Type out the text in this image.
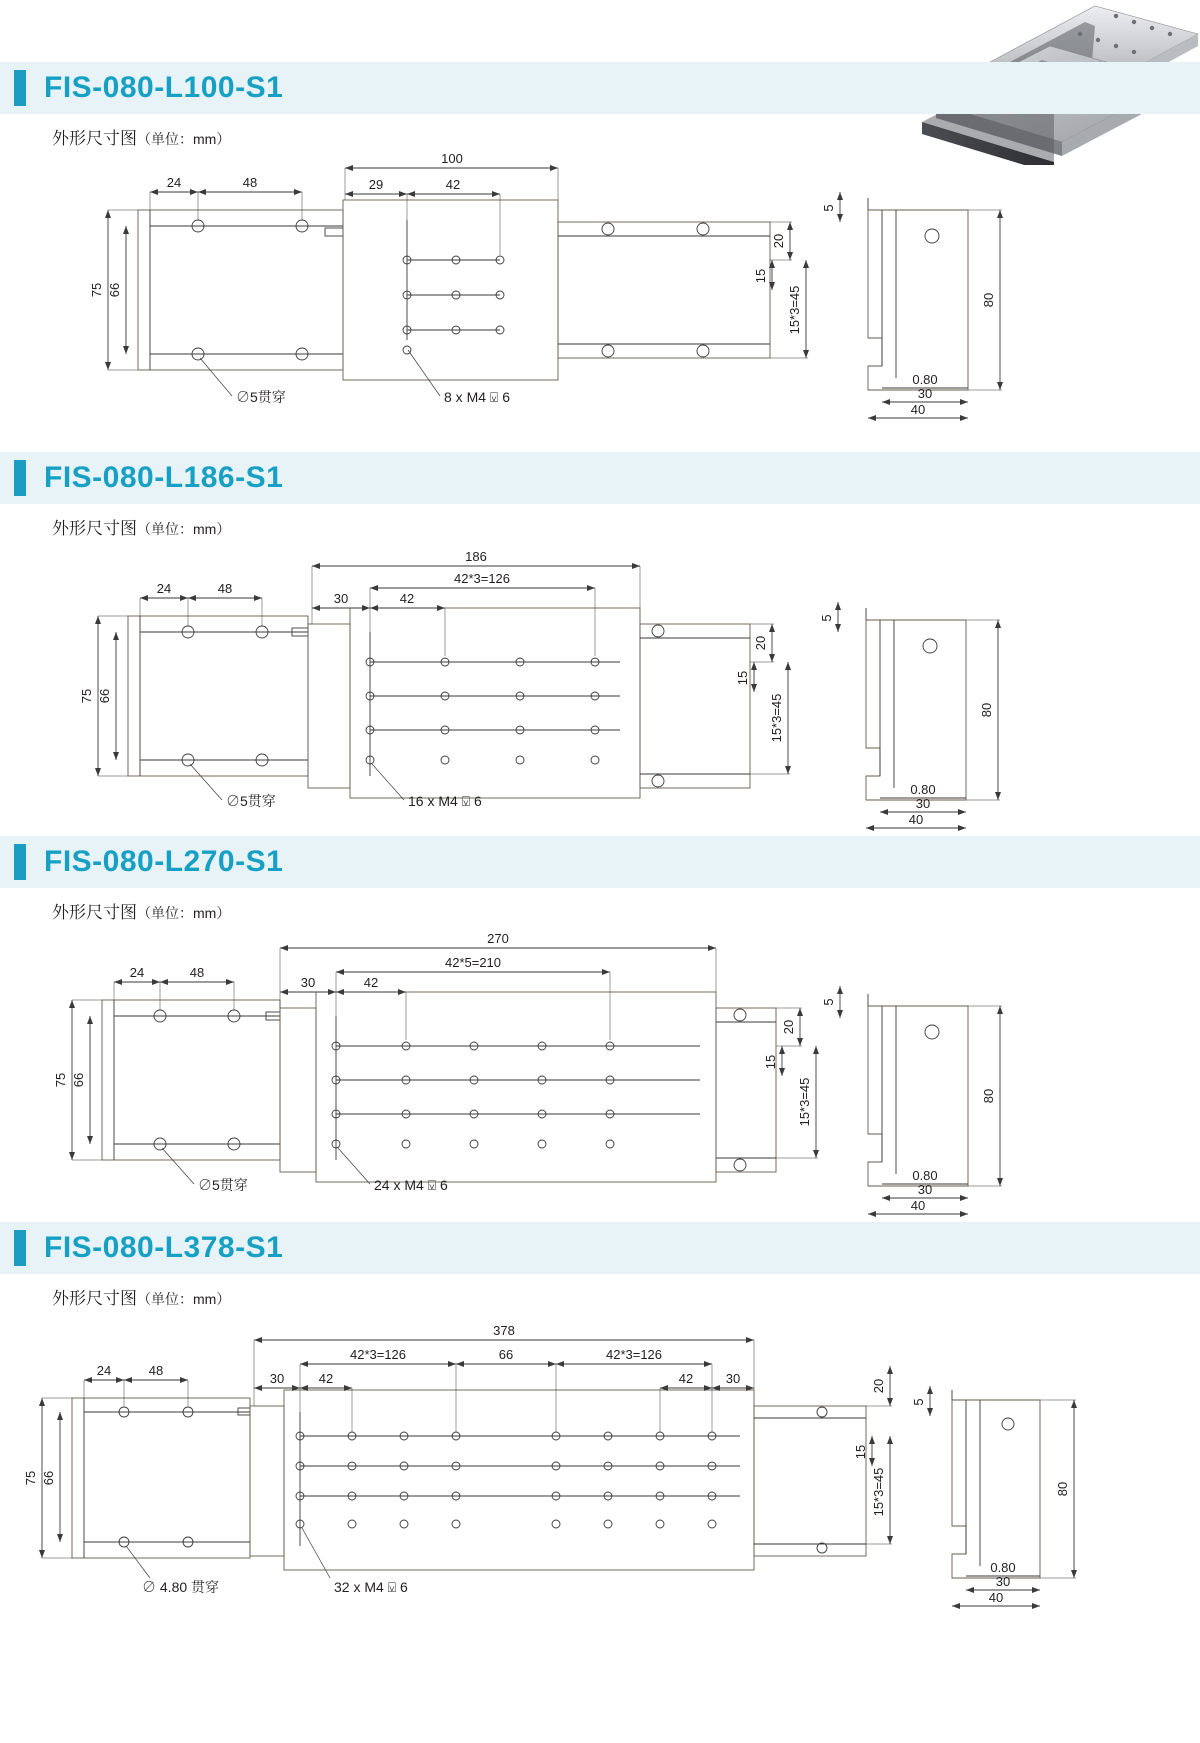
FIS-080-L100-S1
外形尺寸图（单位：mm）
100
29	42
24	48
75 66
20
15
15*3=45
∅5贯穿	8 x M4 ⍌ 6
5
80
0.80
30
40
FIS-080-L186-S1
外形尺寸图（单位：mm）
186
42*3=126
30	42
24	48
75 66
20
15
15*3=45
∅5贯穿	16 x M4 ⍌ 6
5
80
0.80
30
40
FIS-080-L270-S1
外形尺寸图（单位：mm）
270
42*5=210
30	42
24	48
75 66
20
15
15*3=45
∅5贯穿	24 x M4 ⍌ 6
5
80
0.80
30
40
FIS-080-L378-S1
外形尺寸图（单位：mm）
378
42*3=126	66	42*3=126
30	42	42	30
24	48
75 66
20
15
15*3=45
∅ 4.80 贯穿	32 x M4 ⍌ 6
5
80
0.80
30
40
